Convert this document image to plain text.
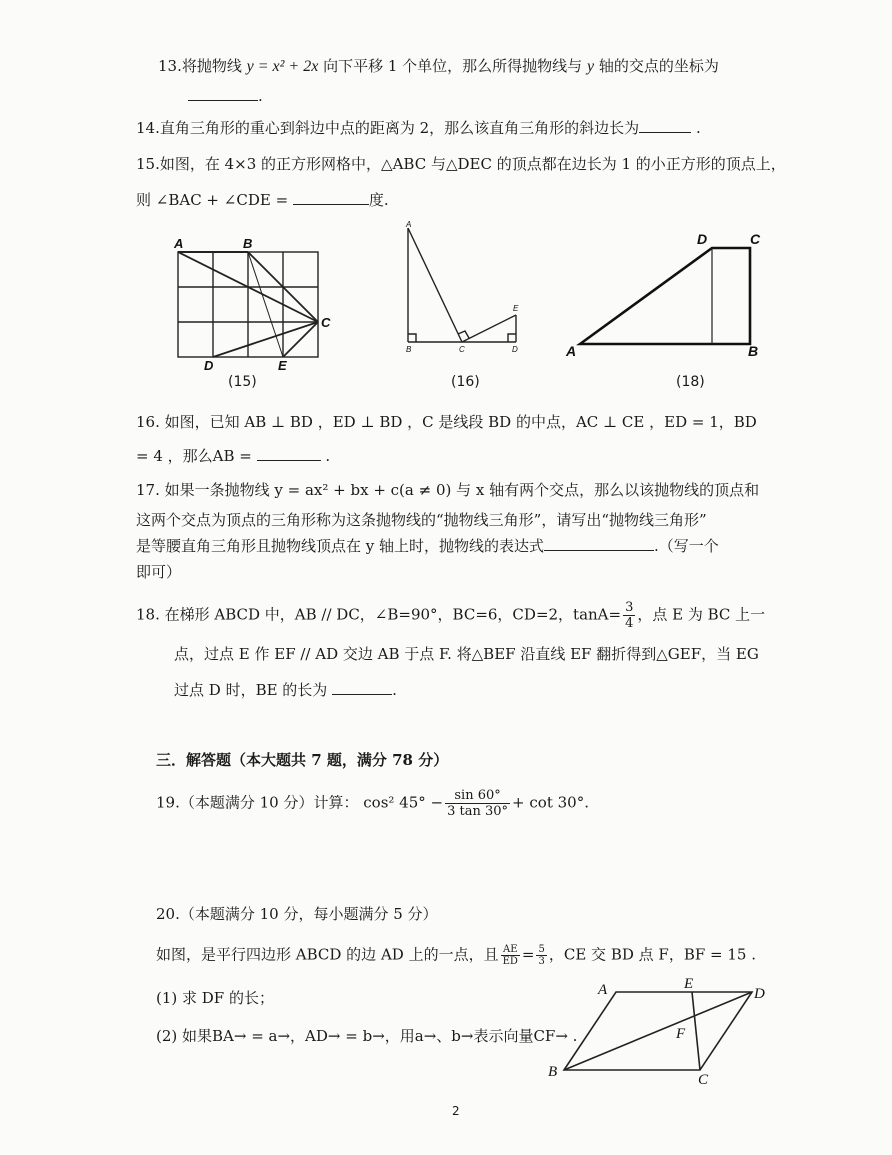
13.将抛物线 y = x² + 2x 向下平移 1 个单位，那么所得抛物线与 y 轴的交点的坐标为
.
14.直角三角形的重心到斜边中点的距离为 2，那么该直角三角形的斜边长为	.
15.如图，在 4×3 的正方形网格中，△ABC 与△DEC 的顶点都在边长为 1 的小正方形的顶点上，
则 ∠BAC + ∠CDE =	度.
A	B
C
D	E
(15)
A
B	C	D
E
(16)
A	B
C
D
(18)
16. 如图，已知 AB ⊥ BD ，ED ⊥ BD ，C 是线段 BD 的中点，AC ⊥ CE ，ED = 1，BD
= 4 ，那么AB =	.
17. 如果一条抛物线 y = ax² + bx + c(a ≠ 0) 与 x 轴有两个交点，那么以该抛物线的顶点和
这两个交点为顶点的三角形称为这条抛物线的“抛物线三角形”，请写出“抛物线三角形”
是等腰直角三角形且抛物线顶点在 y 轴上时，抛物线的表达式	.（写一个
即可）
18. 在梯形 ABCD 中，AB // DC，∠B=90°，BC=6，CD=2，$\tan A= \frac{3}{4}$ ，点 E 为 BC 上一
点，过点 E 作 EF // AD 交边 AB 于点 F. 将△BEF 沿直线 EF 翻折得到△GEF，当 EG
过点 D 时，BE 的长为	.
三．解答题（本大题共 7 题，满分 78 分）
19.（本题满分 10 分）计算： cos² $45^\circ - \frac{\sin 60^\circ}{3 \tan 30^\circ} + \cot 30^\circ$.
20.（本题满分 10 分，每小题满分 5 分）
如图，是平行四边形 ABCD 的边 AD 上的一点，且 $\frac{AE}{ED} = \frac{5}{3}$ ，CE 交 BD 点 F，BF = 15 .
(1) 求 DF 的长；
(2) 如果BA→ = a→，AD→ = b→，用a→、b→表示向量CF→ .
A
B	C
D
E
F
2
